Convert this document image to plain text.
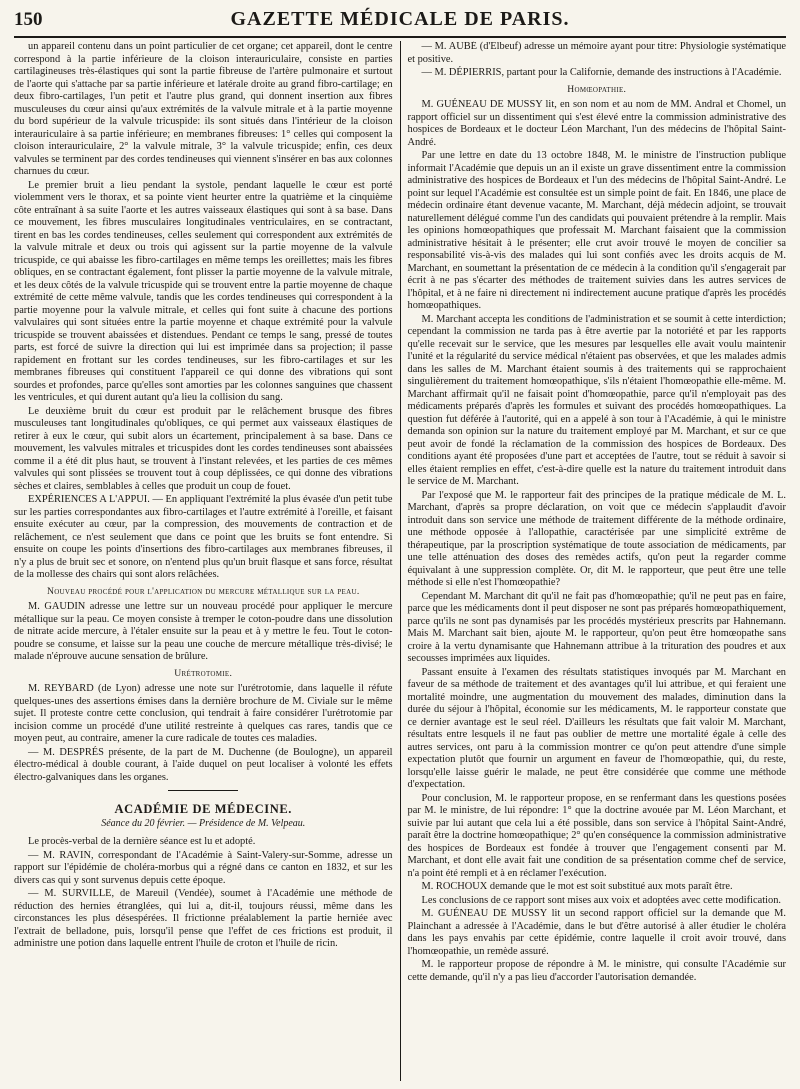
150	GAZETTE MÉDICALE DE PARIS.

un appareil contenu dans un point particulier de cet organe; cet appareil, dont le centre correspond à la partie inférieure de la cloison interauriculaire, consiste en parties cartilagineuses très-élastiques qui sont la partie fibreuse de l'artère pulmonaire et surtout de l'aorte qui s'attache par sa partie inférieure et latérale droite au grand fibro-cartilage; en deux fibro-cartilages, l'un petit et l'autre plus grand, qui donnent insertion aux fibres musculeuses du cœur ainsi qu'aux extrémités de la valvule mitrale et à la partie moyenne du bord supérieur de la valvule tricuspide: ils sont situés dans l'intérieur de la cloison interauriculaire à sa partie inférieure; en membranes fibreuses: 1° celles qui composent la cloison interauriculaire, 2° la valvule mitrale, 3° la valvule tricuspide; enfin, ces deux valvules se terminent par des cordes tendineuses qui viennent s'insérer en bas aux colonnes charnues du cœur.

Le premier bruit a lieu pendant la systole, pendant laquelle le cœur est porté violemment vers le thorax, et sa pointe vient heurter entre la quatrième et la cinquième côte entraînant à sa suite l'aorte et les autres vaisseaux élastiques qui sont à sa base. Dans ce mouvement, les fibres musculaires longitudinales ventriculaires, en se contractant, tirent en bas les cordes tendineuses, celles seulement qui correspondent aux extrémités de la valvule mitrale et deux ou trois qui agissent sur la partie moyenne de la valvule tricuspide, ce qui abaisse les fibro-cartilages en même temps les oreillettes; mais les fibres obliques, en se contractant également, font plisser la partie moyenne de la valvule mitrale, et les deux côtés de la valvule tricuspide qui se trouvent entre la partie moyenne de chaque extrémité de cette même valvule, tandis que les cordes tendineuses qui correspondent à la partie moyenne pour la valvule mitrale, et celles qui font suite à chacune des portions valvulaires qui sont situées entre la partie moyenne et chaque extrémité pour la valvule tricuspide se trouvent abaissées et distendues. Pendant ce temps le sang, pressé de toutes parts, est forcé de suivre la direction qui lui est imprimée dans sa projection; il passe rapidement en frottant sur les cordes tendineuses, sur les fibro-cartilages et sur les membranes fibreuses qui constituent l'appareil ce qui donne des vibrations qui sont sourdes et profondes, parce qu'elles sont amorties par les colonnes sanguines que chassent les ventricules, et qui durent autant qu'a lieu la collision du sang.

Le deuxième bruit du cœur est produit par le relâchement brusque des fibres musculeuses tant longitudinales qu'obliques, ce qui permet aux vaisseaux élastiques de retirer à eux le cœur, qui subit alors un écartement, principalement à sa base. Dans ce mouvement, les valvules mitrales et tricuspides dont les cordes tendineuses sont abaissées comme il a été dit plus haut, se trouvent à l'instant relevées, et les parties de ces mêmes valvules qui sont plissées se trouvent tout à coup déplissées, ce qui donne des vibrations sèches et claires, semblables à celles que produit un coup de fouet.

EXPÉRIENCES A L'APPUI. — En appliquant l'extrémité la plus évasée d'un petit tube sur les parties correspondantes aux fibro-cartilages et l'autre extrémité à l'oreille, et faisant ensuite exécuter au cœur, par la compression, des mouvements de contraction et de relâchement, ce n'est seulement que dans ce point que les bruits se font entendre. Si ensuite on coupe les points d'insertions des fibro-cartilages aux membranes fibreuses, il n'y a plus de bruit sec et sonore, on n'entend plus qu'un bruit flasque et sans force, résultat de la mollesse des chairs qui sont alors relâchées.

Nouveau procédé pour l'application du mercure métallique sur la peau.

M. GAUDIN adresse une lettre sur un nouveau procédé pour appliquer le mercure métallique sur la peau. Ce moyen consiste à tremper le coton-poudre dans une dissolution de nitrate acide mercure, à l'étaler ensuite sur la peau et à y mettre le feu. Tout le coton-poudre se consume, et laisse sur la peau une couche de mercure métallique très-divisé; le malade n'éprouve aucune sensation de brûlure.

Urétrotomie.

M. REYBARD (de Lyon) adresse une note sur l'urétrotomie, dans laquelle il réfute quelques-unes des assertions émises dans la dernière brochure de M. Civiale sur le même sujet. Il proteste contre cette conclusion, qui tendrait à faire considérer l'urétrotomie par incision comme un procédé d'une utilité restreinte à quelques cas rares, tandis que ce moyen peut, au contraire, amener la cure radicale de toutes ces maladies.

— M. DESPRÉS présente, de la part de M. Duchenne (de Boulogne), un appareil électro-médical à double courant, à l'aide duquel on peut localiser à volonté les effets électro-galvaniques dans les organes.

ACADÉMIE DE MÉDECINE.
Séance du 20 février. — Présidence de M. Velpeau.

Le procès-verbal de la dernière séance est lu et adopté.

— M. RAVIN, correspondant de l'Académie à Saint-Valery-sur-Somme, adresse un rapport sur l'épidémie de choléra-morbus qui a régné dans ce canton en 1832, et sur les divers cas qui y sont survenus depuis cette époque.

— M. SURVILLE, de Mareuil (Vendée), soumet à l'Académie une méthode de réduction des hernies étranglées, qui lui a, dit-il, toujours réussi, même dans les circonstances les plus désespérées. Il frictionne préalablement la partie herniée avec l'extrait de belladone, puis, lorsqu'il pense que l'effet de ces frictions est produit, il administre une potion dans laquelle entrent l'huile de croton et l'huile de ricin.

— M. AUBÉ (d'Elbeuf) adresse un mémoire ayant pour titre: Physiologie systématique et positive.

— M. DÉPIERRIS, partant pour la Californie, demande des instructions à l'Académie.

Homœopathie.

M. GUÉNEAU DE MUSSY lit, en son nom et au nom de MM. Andral et Chomel, un rapport officiel sur un dissentiment qui s'est élevé entre la commission administrative des hospices de Bordeaux et le docteur Léon Marchant, l'un des médecins de l'hôpital Saint-André.

Par une lettre en date du 13 octobre 1848, M. le ministre de l'instruction publique informait l'Académie que depuis un an il existe un grave dissentiment entre la commission administrative des hospices de Bordeaux et l'un des médecins de l'hôpital Saint-André. Le point sur lequel l'Académie est consultée est un simple point de fait. En 1846, une place de médecin ordinaire étant devenue vacante, M. Marchant, déjà médecin adjoint, se trouvait naturellement délégué comme l'un des candidats qui pouvaient prétendre à la remplir. Mais les opinions homœopathiques que professait M. Marchant faisaient que la commission administrative hésitait à le présenter; elle crut avoir trouvé le moyen de concilier sa responsabilité vis-à-vis des malades qui lui sont confiés avec les droits acquis de M. Marchant, en soumettant la présentation de ce médecin à la condition qu'il s'engagerait par écrit à ne pas s'écarter des méthodes de traitement suivies dans les autres services de l'hôpital, et à ne faire ni directement ni indirectement aucune pratique d'après les procédés homœopathiques.

M. Marchant accepta les conditions de l'administration et se soumit à cette interdiction; cependant la commission ne tarda pas à être avertie par la notoriété et par les rapports qu'elle recevait sur le service, que les mesures par lesquelles elle avait voulu maintenir l'unité et la régularité du service médical n'étaient pas observées, et que les malades admis dans les salles de M. Marchant étaient soumis à des traitements qui se rapprochaient singulièrement du traitement homœopathique, s'ils n'étaient l'homœopathie elle-même. M. Marchant affirmait qu'il ne faisait point d'homœopathie, parce qu'il n'employait pas des médicaments préparés d'après les formules et suivant des procédés homœopathiques. La question fut déférée à l'autorité, qui en a appelé à son tour à l'Académie, à qui le ministre demanda son opinion sur la nature du traitement employé par M. Marchant, et sur ce que peut avoir de fondé la réclamation de la commission des hospices de Bordeaux. Des conditions ayant été proposées d'une part et acceptées de l'autre, tout se réduit à savoir si elles étaient remplies en effet, c'est-à-dire quelle est la nature du traitement introduit dans le service de M. Marchant.

Par l'exposé que M. le rapporteur fait des principes de la pratique médicale de M. L. Marchant, d'après sa propre déclaration, on voit que ce médecin s'applaudit d'avoir introduit dans son service une méthode de traitement différente de la méthode ordinaire, une méthode opposée à l'allopathie, caractérisée par une simplicité extrême de thérapeutique, par la proscription systématique de toute association de médicaments, par une telle atténuation des doses des remèdes actifs, qu'on peut la regarder comme équivalant à une suppression complète. Or, dit M. le rapporteur, que peut être une telle méthode si elle n'est l'homœopathie?

Cependant M. Marchant dit qu'il ne fait pas d'homœopathie; qu'il ne peut pas en faire, parce que les médicaments dont il peut disposer ne sont pas préparés homœopathiquement, parce qu'ils ne sont pas dynamisés par les procédés mystérieux prescrits par Hahnemann. Mais M. Marchant sait bien, ajoute M. le rapporteur, qu'on peut être homœopathe sans croire à la vertu dynamisante que Hahnemann attribue à la trituration des poudres et aux secousses imprimées aux liquides.

Passant ensuite à l'examen des résultats statistiques invoqués par M. Marchant en faveur de sa méthode de traitement et des avantages qu'il lui attribue, et qui feraient une mortalité moindre, une augmentation du mouvement des malades, diminution dans la durée du séjour à l'hôpital, économie sur les médicaments, M. le rapporteur constate que ce dernier avantage est le seul réel. D'ailleurs les résultats que fait valoir M. Marchant, résultats entre lesquels il ne faut pas oublier de mettre une mortalité égale à celle des autres services, ont paru à la commission montrer ce qu'on peut attendre d'une simple expectation plutôt que fournir un argument en faveur de l'homœopathie, qui, du reste, lorsqu'elle laisse guérir le malade, ne peut être considérée que comme une méthode d'expectation.

Pour conclusion, M. le rapporteur propose, en se renfermant dans les questions posées par M. le ministre, de lui répondre: 1° que la doctrine avouée par M. Léon Marchant, et suivie par lui autant que cela lui a été possible, dans son service à l'hôpital Saint-André, paraît être la doctrine homœopathique; 2° qu'en conséquence la commission administrative des hospices de Bordeaux est fondée à trouver que l'engagement consenti par M. Marchant, et dont elle avait fait une condition de sa présentation comme chef de service, n'a point été rempli et à en réclamer l'exécution.

M. ROCHOUX demande que le mot est soit substitué aux mots paraît être.

Les conclusions de ce rapport sont mises aux voix et adoptées avec cette modification.

M. GUÉNEAU DE MUSSY lit un second rapport officiel sur la demande que M. Plainchant a adressée à l'Académie, dans le but d'être autorisé à aller étudier le choléra dans les pays envahis par cette épidémie, contre laquelle il croit avoir trouvé, dans l'homœopathie, un remède assuré.

M. le rapporteur propose de répondre à M. le ministre, qui consulte l'Académie sur cette demande, qu'il n'y a pas lieu d'accorder l'autorisation demandée.
